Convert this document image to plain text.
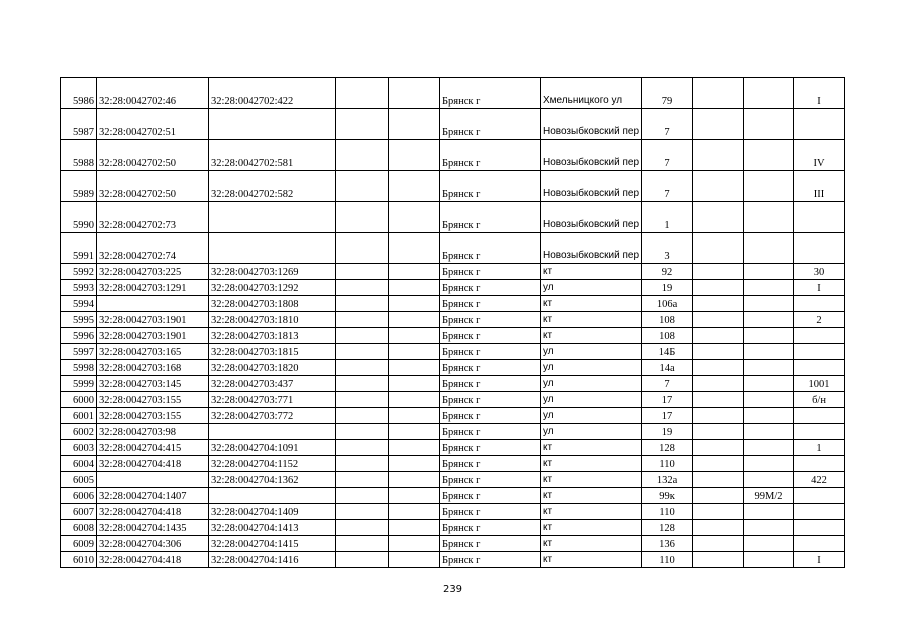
5986	32:28:0042702:46	32:28:0042702:422			Брянск г	Хмельницкого ул	79			I
5987	32:28:0042702:51				Брянск г	Новозыбковский пер	7			
5988	32:28:0042702:50	32:28:0042702:581			Брянск г	Новозыбковский пер	7			IV
5989	32:28:0042702:50	32:28:0042702:582			Брянск г	Новозыбковский пер	7			III
5990	32:28:0042702:73				Брянск г	Новозыбковский пер	1			
5991	32:28:0042702:74				Брянск г	Новозыбковский пер	3			
5992	32:28:0042703:225	32:28:0042703:1269			Брянск г	кт	92			30
5993	32:28:0042703:1291	32:28:0042703:1292			Брянск г	ул	19			I
5994		32:28:0042703:1808			Брянск г	кт	106а			
5995	32:28:0042703:1901	32:28:0042703:1810			Брянск г	кт	108			2
5996	32:28:0042703:1901	32:28:0042703:1813			Брянск г	кт	108			
5997	32:28:0042703:165	32:28:0042703:1815			Брянск г	ул	14Б			
5998	32:28:0042703:168	32:28:0042703:1820			Брянск г	ул	14а			
5999	32:28:0042703:145	32:28:0042703:437			Брянск г	ул	7			1001
6000	32:28:0042703:155	32:28:0042703:771			Брянск г	ул	17			б/н
6001	32:28:0042703:155	32:28:0042703:772			Брянск г	ул	17			
6002	32:28:0042703:98				Брянск г	ул	19			
6003	32:28:0042704:415	32:28:0042704:1091			Брянск г	кт	128			1
6004	32:28:0042704:418	32:28:0042704:1152			Брянск г	кт	110			
6005		32:28:0042704:1362			Брянск г	кт	132а			422
6006	32:28:0042704:1407				Брянск г	кт	99к		99М/2	
6007	32:28:0042704:418	32:28:0042704:1409			Брянск г	кт	110			
6008	32:28:0042704:1435	32:28:0042704:1413			Брянск г	кт	128			
6009	32:28:0042704:306	32:28:0042704:1415			Брянск г	кт	136			
6010	32:28:0042704:418	32:28:0042704:1416			Брянск г	кт	110			I
239
